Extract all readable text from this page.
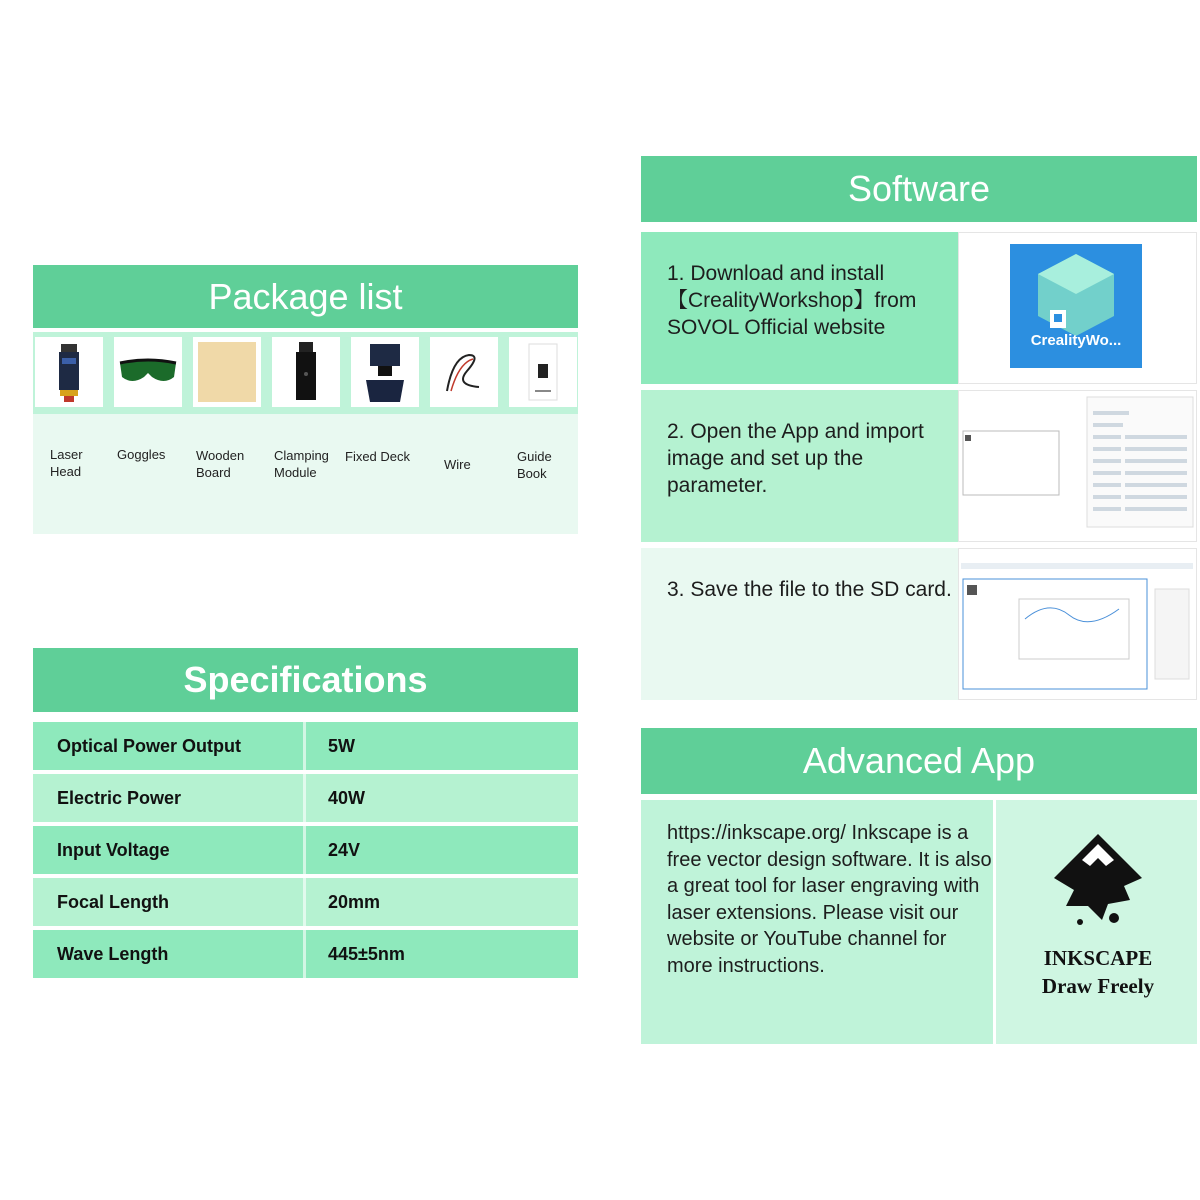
Package list
Laser Head
Goggles	Wooden Board
Clamping Module
Fixed Deck
Wire
Guide Book
Specifications
Optical Power Output	5W
Electric Power	40W
Input Voltage	24V
Focal Length	20mm
Wave Length	445±5nm
Software
1. Download and install 【CrealityWorkshop】from SOVOL Official website
CrealityWo...
2. Open the App and import image and set up the parameter.
3. Save the file to the SD card.
Advanced App
https://inkscape.org/ Inkscape is a free vector design software. It is also a great tool for laser engraving with laser extensions. Please visit our website or YouTube channel for more instructions.	INKSCAPE
Draw Freely
